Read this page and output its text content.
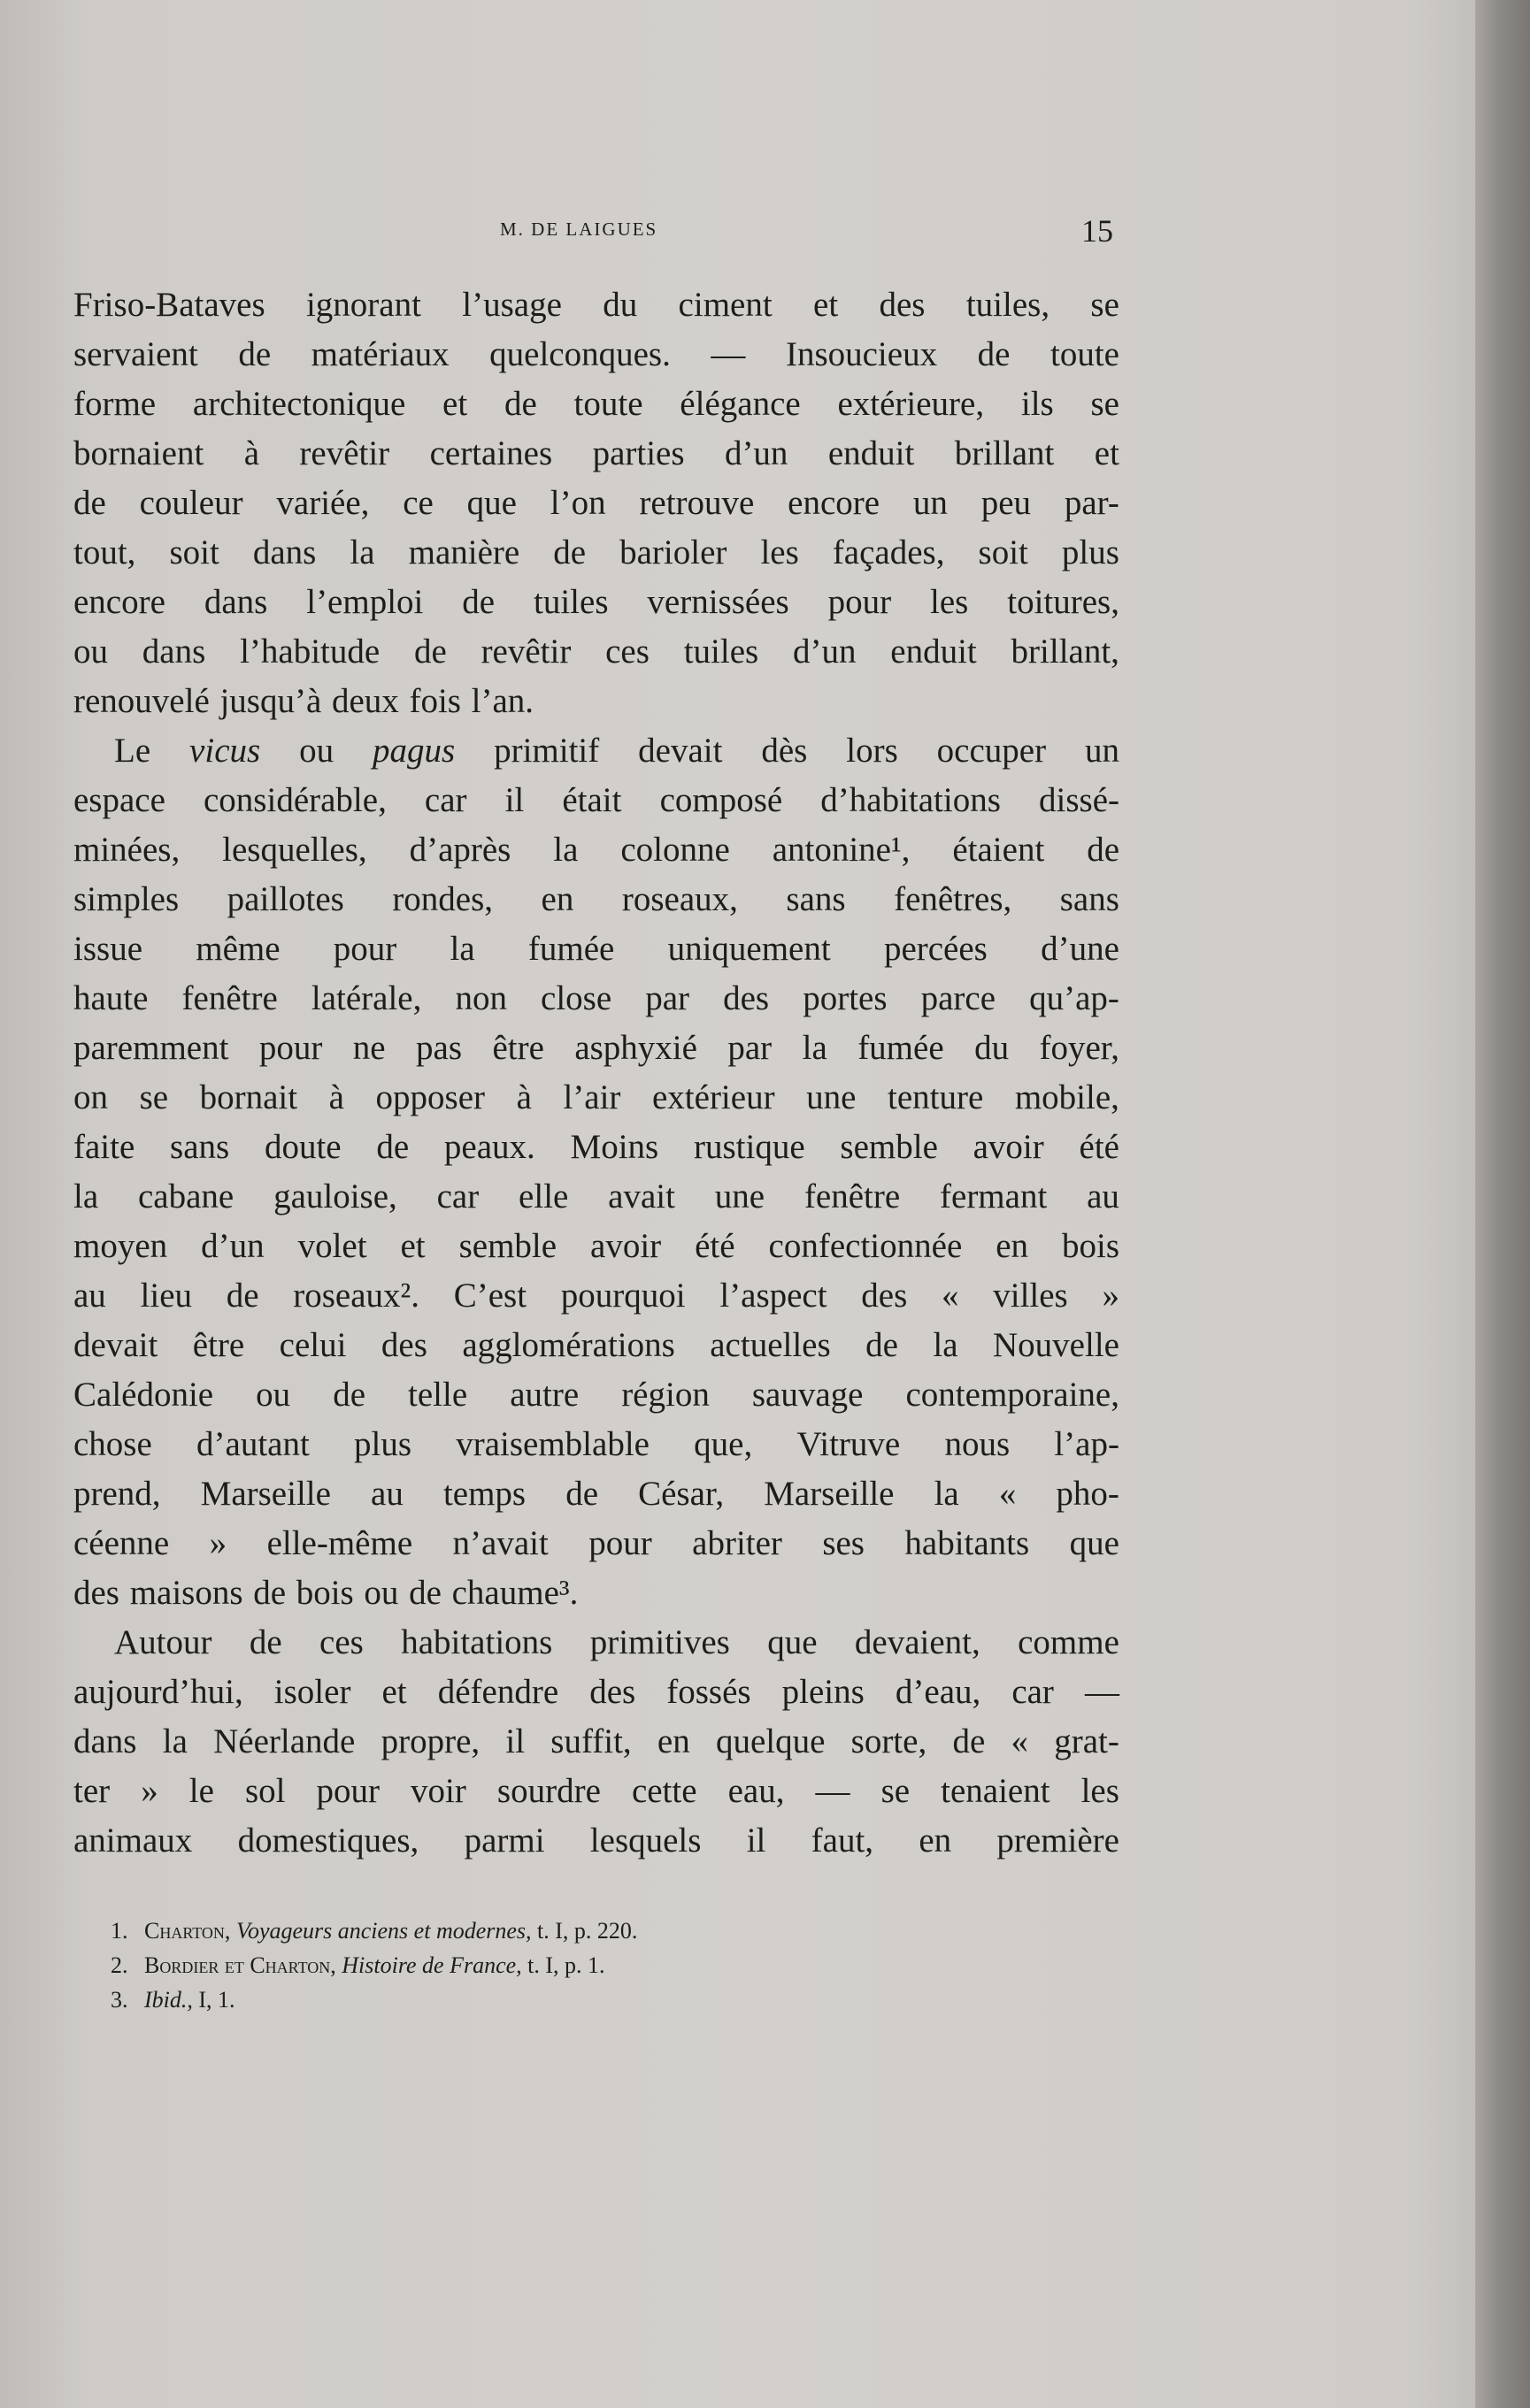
M. DE LAIGUES	15
Friso-Bataves ignorant l’usage du ciment et des tuiles, se
servaient de matériaux quelconques. — Insoucieux de toute
forme architectonique et de toute élégance extérieure, ils se
bornaient à revêtir certaines parties d’un enduit brillant et
de couleur variée, ce que l’on retrouve encore un peu par-
tout, soit dans la manière de barioler les façades, soit plus
encore dans l’emploi de tuiles vernissées pour les toitures,
ou dans l’habitude de revêtir ces tuiles d’un enduit brillant,
renouvelé jusqu’à deux fois l’an.
Le vicus ou pagus primitif devait dès lors occuper un
espace considérable, car il était composé d’habitations dissé-
minées, lesquelles, d’après la colonne antonine¹, étaient de
simples paillotes rondes, en roseaux, sans fenêtres, sans
issue même pour la fumée uniquement percées d’une
haute fenêtre latérale, non close par des portes parce qu’ap-
paremment pour ne pas être asphyxié par la fumée du foyer,
on se bornait à opposer à l’air extérieur une tenture mobile,
faite sans doute de peaux. Moins rustique semble avoir été
la cabane gauloise, car elle avait une fenêtre fermant au
moyen d’un volet et semble avoir été confectionnée en bois
au lieu de roseaux². C’est pourquoi l’aspect des « villes »
devait être celui des agglomérations actuelles de la Nouvelle
Calédonie ou de telle autre région sauvage contemporaine,
chose d’autant plus vraisemblable que, Vitruve nous l’ap-
prend, Marseille au temps de César, Marseille la « pho-
céenne » elle-même n’avait pour abriter ses habitants que
des maisons de bois ou de chaume³.
Autour de ces habitations primitives que devaient, comme
aujourd’hui, isoler et défendre des fossés pleins d’eau, car —
dans la Néerlande propre, il suffit, en quelque sorte, de « grat-
ter » le sol pour voir sourdre cette eau, — se tenaient les
animaux domestiques, parmi lesquels il faut, en première
1. Charton, Voyageurs anciens et modernes, t. I, p. 220.
2. Bordier et Charton, Histoire de France, t. I, p. 1.
3. Ibid., I, 1.
